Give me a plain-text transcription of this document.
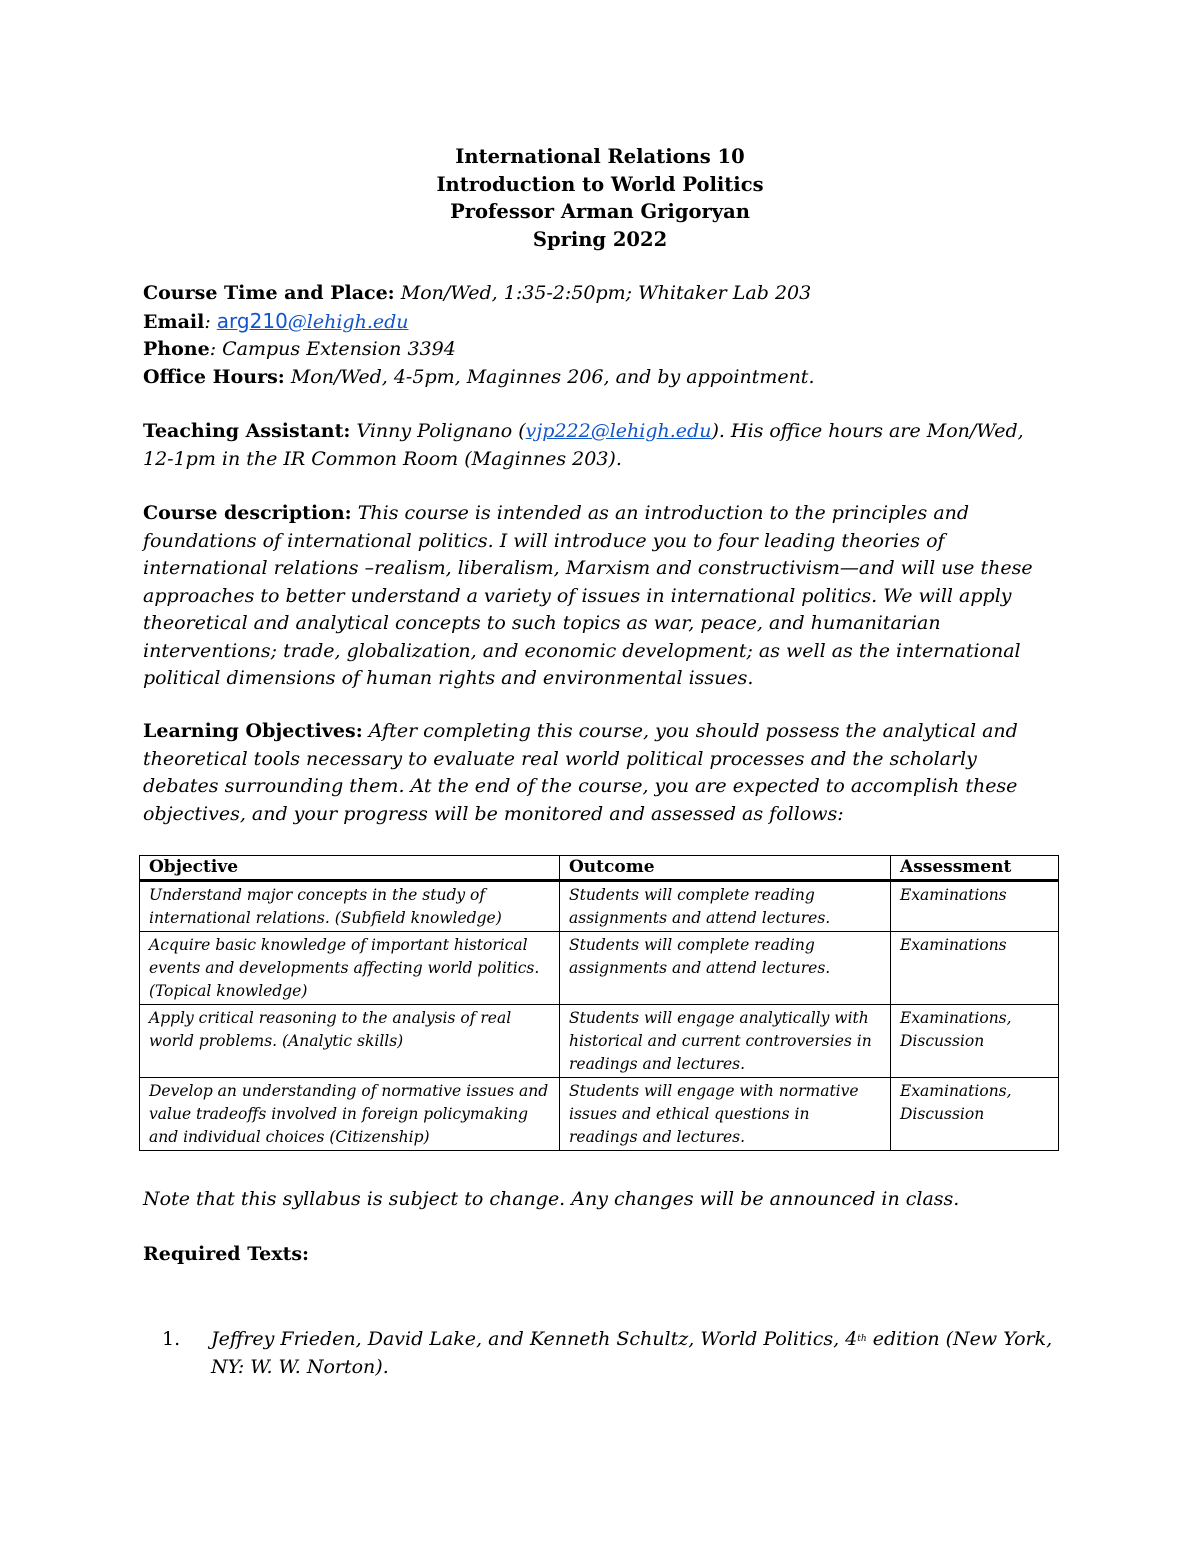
International Relations 10
Introduction to World Politics
Professor Arman Grigoryan
Spring 2022
Course Time and Place: Mon/Wed, 1:35-2:50pm; Whitaker Lab 203
Email: arg210@lehigh.edu
Phone: Campus Extension 3394
Office Hours: Mon/Wed, 4-5pm, Maginnes 206, and by appointment.
Teaching Assistant: Vinny Polignano (vjp222@lehigh.edu). His office hours are Mon/Wed,
12-1pm in the IR Common Room (Maginnes 203).
Course description: This course is intended as an introduction to the principles and foundations of international politics. I will introduce you to four leading theories of international relations –realism, liberalism, Marxism and constructivism—and will use these approaches to better understand a variety of issues in international politics. We will apply theoretical and analytical concepts to such topics as war, peace, and humanitarian interventions; trade, globalization, and economic development; as well as the international political dimensions of human rights and environmental issues.
Learning Objectives: After completing this course, you should possess the analytical and theoretical tools necessary to evaluate real world political processes and the scholarly debates surrounding them. At the end of the course, you are expected to accomplish these objectives, and your progress will be monitored and assessed as follows:
Objective	Outcome	Assessment
Understand major concepts in the study of international relations. (Subfield knowledge)	Students will complete reading assignments and attend lectures.	Examinations
Acquire basic knowledge of important historical events and developments affecting world politics. (Topical knowledge)	Students will complete reading assignments and attend lectures.	Examinations
Apply critical reasoning to the analysis of real world problems. (Analytic skills)	Students will engage analytically with historical and current controversies in readings and lectures.	Examinations, Discussion
Develop an understanding of normative issues and value tradeoffs involved in foreign policymaking and individual choices (Citizenship)	Students will engage with normative issues and ethical questions in readings and lectures.	Examinations, Discussion
Note that this syllabus is subject to change. Any changes will be announced in class.
Required Texts:
1. Jeffrey Frieden, David Lake, and Kenneth Schultz, World Politics, 4th edition (New York, NY: W. W. Norton).
